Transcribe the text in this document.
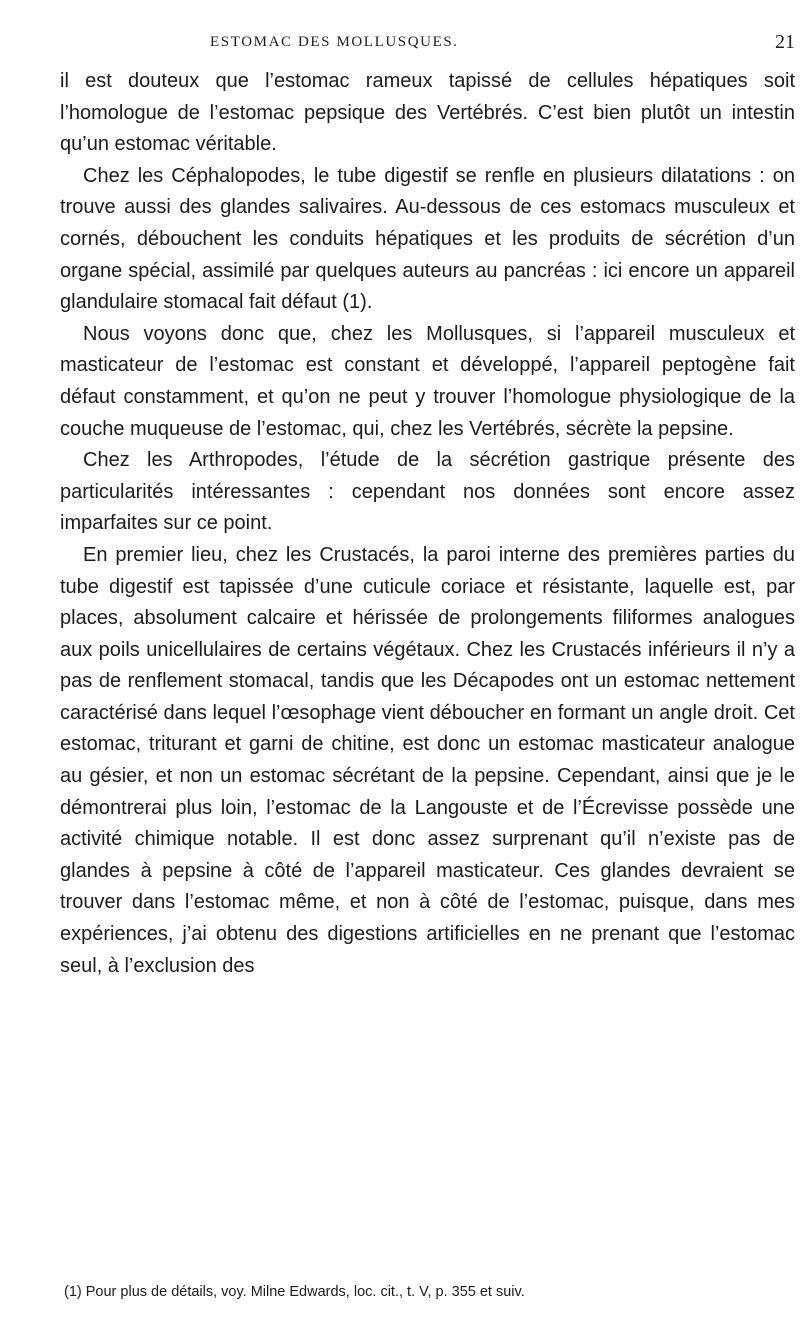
ESTOMAC DES MOLLUSQUES.	21

il est douteux que l’estomac rameux tapissé de cellules hépatiques soit l’homologue de l’estomac pepsique des Vertébrés. C’est bien plutôt un intestin qu’un estomac véritable.

Chez les Céphalopodes, le tube digestif se renfle en plusieurs dilatations : on trouve aussi des glandes salivaires. Au-dessous de ces estomacs musculeux et cornés, débouchent les conduits hépatiques et les produits de sécrétion d’un organe spécial, assimilé par quelques auteurs au pancréas : ici encore un appareil glandulaire stomacal fait défaut (1).

Nous voyons donc que, chez les Mollusques, si l’appareil musculeux et masticateur de l’estomac est constant et développé, l’appareil peptogène fait défaut constamment, et qu’on ne peut y trouver l’homologue physiologique de la couche muqueuse de l’estomac, qui, chez les Vertébrés, sécrète la pepsine.

Chez les Arthropodes, l’étude de la sécrétion gastrique présente des particularités intéressantes : cependant nos données sont encore assez imparfaites sur ce point.

En premier lieu, chez les Crustacés, la paroi interne des premières parties du tube digestif est tapissée d’une cuticule coriace et résistante, laquelle est, par places, absolument calcaire et hérissée de prolongements filiformes analogues aux poils unicellulaires de certains végétaux. Chez les Crustacés inférieurs il n’y a pas de renflement stomacal, tandis que les Décapodes ont un estomac nettement caractérisé dans lequel l’œsophage vient déboucher en formant un angle droit. Cet estomac, triturant et garni de chitine, est donc un estomac masticateur analogue au gésier, et non un estomac sécrétant de la pepsine. Cependant, ainsi que je le démontrerai plus loin, l’estomac de la Langouste et de l’Écrevisse possède une activité chimique notable. Il est donc assez surprenant qu’il n’existe pas de glandes à pepsine à côté de l’appareil masticateur. Ces glandes devraient se trouver dans l’estomac même, et non à côté de l’estomac, puisque, dans mes expériences, j’ai obtenu des digestions artificielles en ne prenant que l’estomac seul, à l’exclusion des

(1) Pour plus de détails, voy. Milne Edwards, loc. cit., t. V, p. 355 et suiv.
